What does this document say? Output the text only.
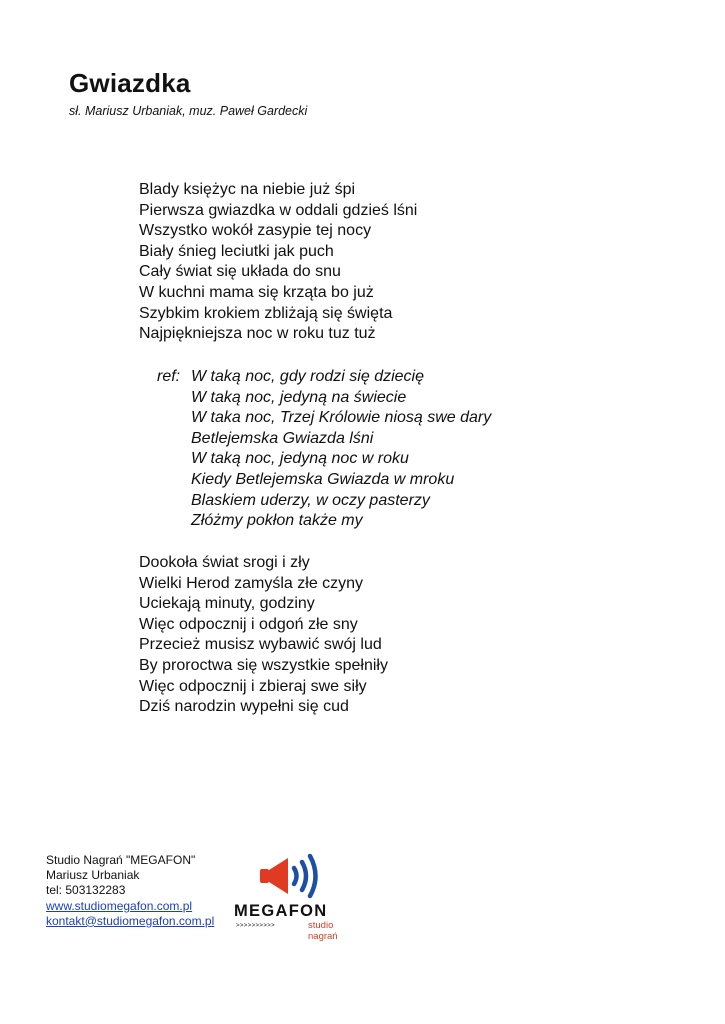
Gwiazdka
sł. Mariusz Urbaniak, muz. Paweł Gardecki
Blady księżyc na niebie już śpi
Pierwsza gwiazdka w oddali gdzieś lśni
Wszystko wokół zasypie tej nocy
Biały śnieg leciutki jak puch
Cały świat się układa do snu
W kuchni mama się krząta bo już
Szybkim krokiem zbliżają się święta
Najpiękniejsza noc w roku tuz tuż
ref: W taką noc, gdy rodzi się dziecię
W taką noc, jedyną na świecie
W taka noc, Trzej Królowie niosą swe dary
Betlejemska Gwiazda lśni
W taką noc, jedyną noc w roku
Kiedy Betlejemska Gwiazda w mroku
Blaskiem uderzy, w oczy pasterzy
Złóżmy pokłon także my
Dookoła świat srogi i zły
Wielki Herod zamyśla złe czyny
Uciekają minuty, godziny
Więc odpocznij i odgoń złe sny
Przecież musisz wybawić swój lud
By proroctwa się wszystkie spełniły
Więc odpocznij i zbieraj swe siły
Dziś narodzin wypełni się cud
Studio Nagrań "MEGAFON"
Mariusz Urbaniak
tel: 503132283
www.studiomegafon.com.pl
kontakt@studiomegafon.com.pl
MEGAFON
>>>>>>>>>>	studio nagrań
